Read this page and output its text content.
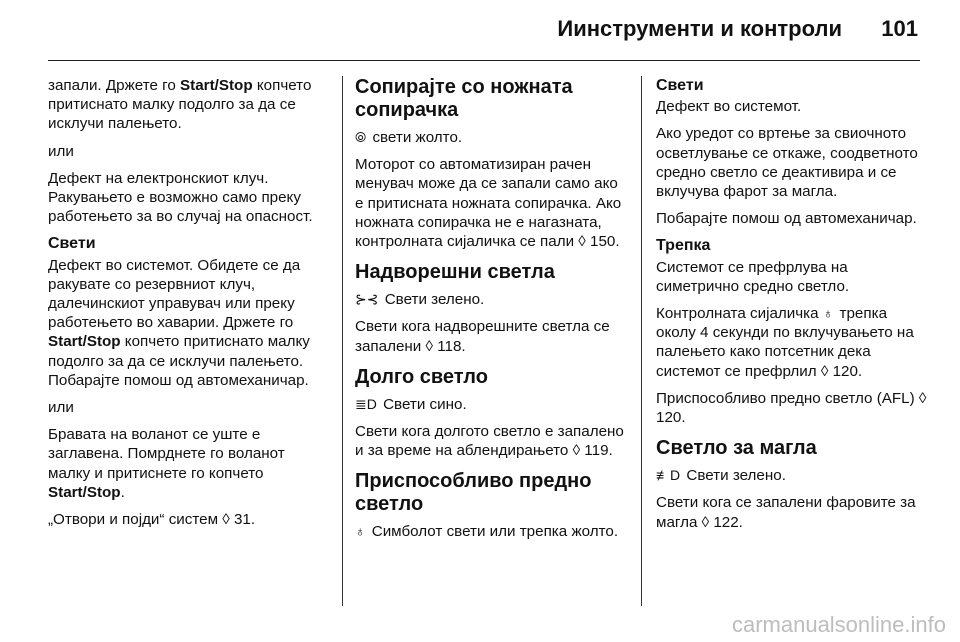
Иинструменти и контроли 101

запали. Држете го Start/Stop копчето притиснато малку подолго за да се исклучи палењето.

или

Дефект на електронскиот клуч. Ракувањето е возможно само преку работењето за во случај на опасност.

Свети

Дефект во системот. Обидете се да ракувате со резервниот клуч, далечинскиот управувач или преку работењето во хаварии. Држете го Start/Stop копчето притиснато малку подолго за да се исклучи палењето. Побарајте помош од автомеханичар.

или

Бравата на воланот се уште е заглавена. Помрднете го воланот малку и притиснете го копчето Start/Stop.

„Отвори и појди“ систем ◊ 31.

Сопирајте со ножната сопирачка

⦾ свети жолто.

Моторот со автоматизиран рачен менувач може да се запали само ако е притисната ножната сопирачка. Ако ножната сопирачка не е нагазната, контролната сијаличка се пали ◊ 150.

Надворешни светла

⊱⊰ Свети зелено.

Свети кога надворешните светла се запалени ◊ 118.

Долго светло

≣D Свети сино.

Свети кога долгото светло е запалено и за време на аблендирањето ◊ 119.

Приспособливо предно светло

♁ Симболот свети или трепка жолто.

Свети

Дефект во системот.

Ако уредот со вртење за свиочното осветлување се откаже, соодветното средно светло се деактивира и се вклучува фарот за магла.

Побарајте помош од автомеханичар.

Трепка

Системот се префрлува на симетрично средно светло.

Контролната сијаличка ♁ трепка околу 4 секунди по вклучувањето на палењето како потсетник дека системот се префрлил ◊ 120.

Приспособливо предно светло (AFL) ◊ 120.

Светло за магла

≢D Свети зелено.

Свети кога се запалени фаровите за магла ◊ 122.

carmanualsonline.info
